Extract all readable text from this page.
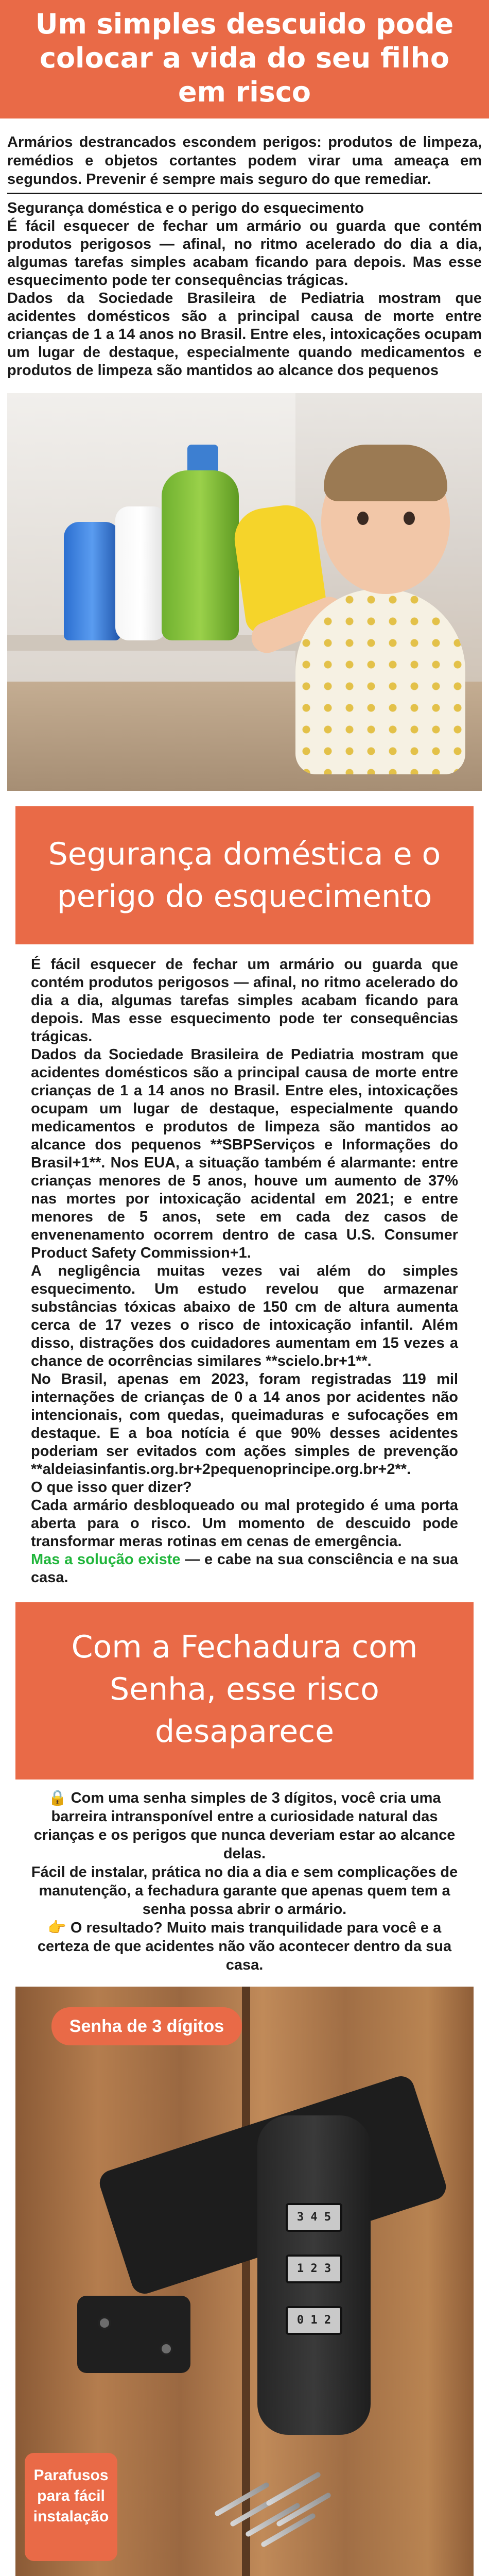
Um simples descuido pode
colocar a vida do seu filho
em risco
Armários destrancados escondem perigos: produtos de limpeza, remédios e objetos cortantes podem virar uma ameaça em segundos. Prevenir é sempre mais seguro do que remediar.

Segurança doméstica e o perigo do esquecimento

É fácil esquecer de fechar um armário ou guarda que contém produtos perigosos — afinal, no ritmo acelerado do dia a dia, algumas tarefas simples acabam ficando para depois. Mas esse esquecimento pode ter consequências trágicas.

Dados da Sociedade Brasileira de Pediatria mostram que acidentes domésticos são a principal causa de morte entre crianças de 1 a 14 anos no Brasil. Entre eles, intoxicações ocupam um lugar de destaque, especialmente quando medicamentos e produtos de limpeza são mantidos ao alcance dos pequenos

Segurança doméstica e o
perigo do esquecimento

É fácil esquecer de fechar um armário ou guarda que contém produtos perigosos — afinal, no ritmo acelerado do dia a dia, algumas tarefas simples acabam ficando para depois. Mas esse esquecimento pode ter consequências trágicas.

Dados da Sociedade Brasileira de Pediatria mostram que acidentes domésticos são a principal causa de morte entre crianças de 1 a 14 anos no Brasil. Entre eles, intoxicações ocupam um lugar de destaque, especialmente quando medicamentos e produtos de limpeza são mantidos ao alcance dos pequenos **SBPServiços e Informações do Brasil+1**. Nos EUA, a situação também é alarmante: entre crianças menores de 5 anos, houve um aumento de 37% nas mortes por intoxicação acidental em 2021; e entre menores de 5 anos, sete em cada dez casos de envenenamento ocorrem dentro de casa U.S. Consumer Product Safety Commission+1.

A negligência muitas vezes vai além do simples esquecimento. Um estudo revelou que armazenar substâncias tóxicas abaixo de 150 cm de altura aumenta cerca de 17 vezes o risco de intoxicação infantil. Além disso, distrações dos cuidadores aumentam em 15 vezes a chance de ocorrências similares **scielo.br+1**.

No Brasil, apenas em 2023, foram registradas 119 mil internações de crianças de 0 a 14 anos por acidentes não intencionais, com quedas, queimaduras e sufocações em destaque. E a boa notícia é que 90% desses acidentes poderiam ser evitados com ações simples de prevenção **aldeiasinfantis.org.br+2pequenoprincipe.org.br+2**.

O que isso quer dizer?

Cada armário desbloqueado ou mal protegido é uma porta aberta para o risco. Um momento de descuido pode transformar meras rotinas em cenas de emergência.

Mas a solução existe — e cabe na sua consciência e na sua casa.

Com a Fechadura com
Senha, esse risco
desaparece

🔒 Com uma senha simples de 3 dígitos, você cria uma barreira intransponível entre a curiosidade natural das crianças e os perigos que nunca deveriam estar ao alcance delas.

Fácil de instalar, prática no dia a dia e sem complicações de manutenção, a fechadura garante que apenas quem tem a senha possa abrir o armário.

👉 O resultado? Muito mais tranquilidade para você e a certeza de que acidentes não vão acontecer dentro da sua casa.

Senha de 3 dígitos
3 4 5
1 2 3
0 1 2
Parafusos
para fácil
instalação
